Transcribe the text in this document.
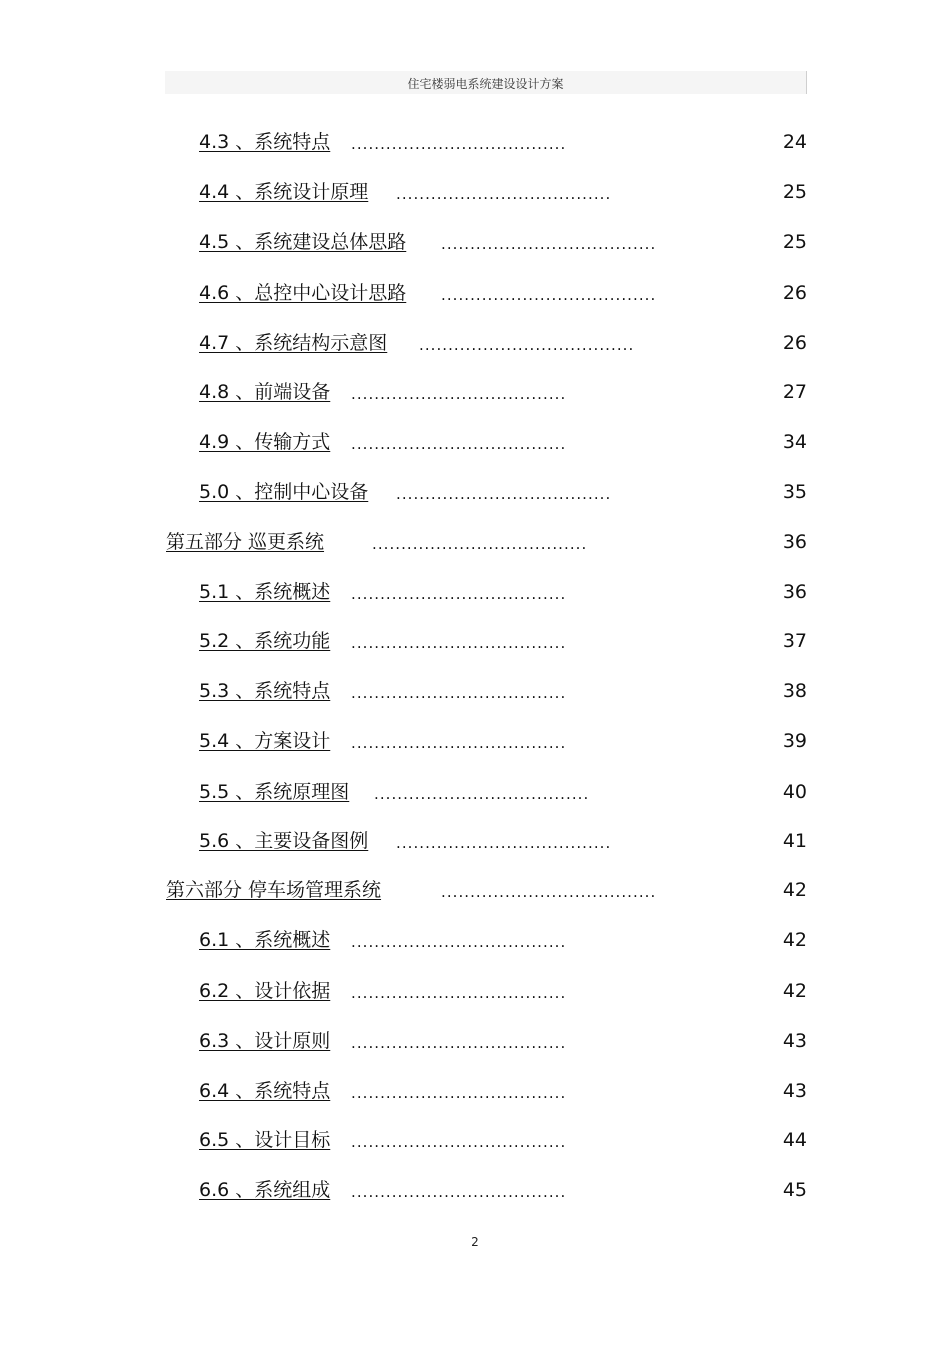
住宅楼弱电系统建设设计方案
4.3 、系统特点 .....................................	24
4.4 、系统设计原理 .....................................	25
4.5 、系统建设总体思路 .....................................	25
4.6 、总控中心设计思路 .....................................	26
4.7 、系统结构示意图 .....................................	26
4.8 、前端设备 .....................................	27
4.9 、传输方式 .....................................	34
5.0 、控制中心设备 .....................................	35
第五部分 巡更系统	.....................................	36
5.1 、系统概述 .....................................	36
5.2 、系统功能 .....................................	37
5.3 、系统特点 .....................................	38
5.4 、方案设计 .....................................	39
5.5 、系统原理图 .....................................	40
5.6 、主要设备图例 .....................................	41
第六部分 停车场管理系统	.....................................	42
6.1 、系统概述 .....................................	42
6.2 、设计依据 .....................................	42
6.3 、设计原则 .....................................	43
6.4 、系统特点 .....................................	43
6.5 、设计目标 .....................................	44
6.6 、系统组成 .....................................	45
2
